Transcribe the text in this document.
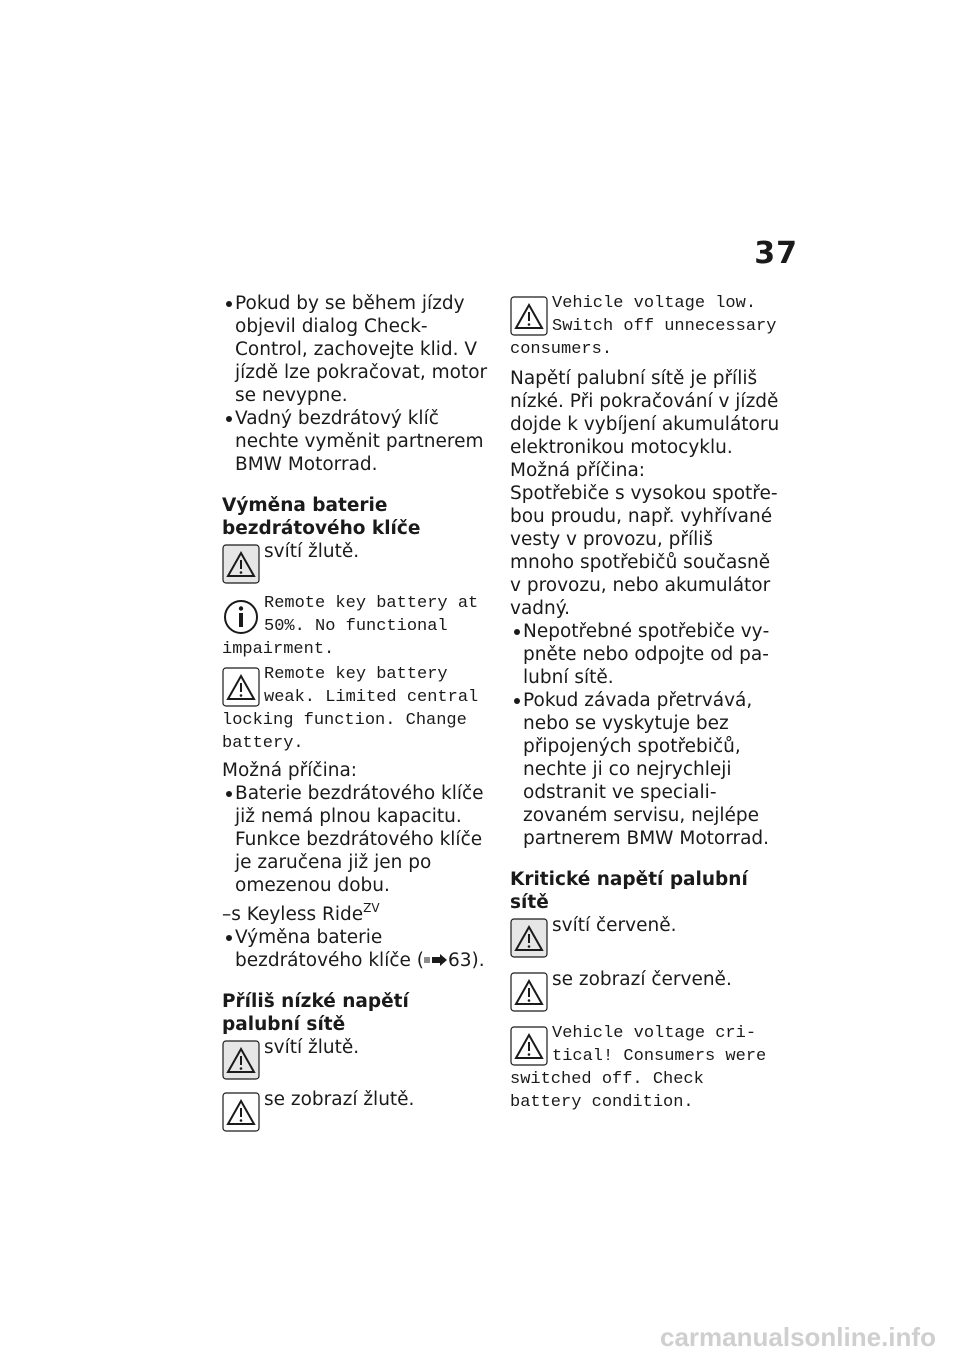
37

Pokud by se během jízdy objevil dialog Check-Control, zachovejte klid. V jízdě lze pokračovat, motor se nevypne.

Vadný bezdrátový klíč nechte vyměnit partnerem BMW Motorrad.

Výměna baterie bezdrátového klíče

svítí žlutě.
Remote key battery at 50%. No functional impairment.
Remote key battery weak. Limited central locking function. Change battery.

Možná příčina:

Baterie bezdrátového klíče již nemá plnou kapacitu. Funkce bezdrátového klíče je zaručena již jen po omezenou dobu.

–s Keyless Ride$^{ZV}$

Výměna baterie bezdrátového klíče ( 63).

Příliš nízké napětí palubní sítě

svítí žlutě.
se zobrazí žlutě.
Vehicle voltage low. Switch off unnecessary consumers.

Napětí palubní sítě je příliš nízké. Při pokračování v jízdě dojde k vybíjení akumulátoru elektronikou motocyklu.

Možná příčina:

Spotřebiče s vysokou spotřebou proudu, např. vyhřívané vesty v provozu, příliš mnoho spotřebičů současně v provozu, nebo akumulátor vadný.

Nepotřebné spotřebiče vypněte nebo odpojte od palubní sítě.

Pokud závada přetrvává, nebo se vyskytuje bez připojených spotřebičů, nechte ji co nejrychleji odstranit ve specializovaném servisu, nejlépe partnerem BMW Motorrad.

Kritické napětí palubní sítě

svítí červeně.
se zobrazí červeně.
Vehicle voltage critical! Consumers were switched off. Check battery condition.
carmanualsonline.info
